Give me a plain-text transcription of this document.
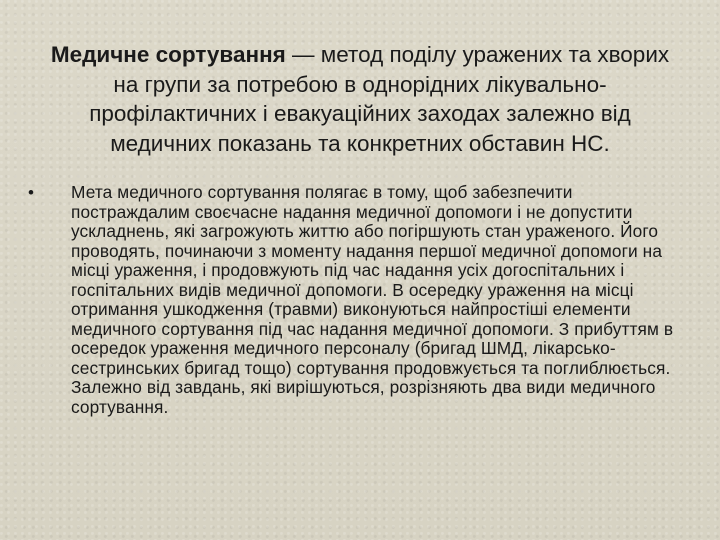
Медичне сортування — метод поділу уражених та хворих на групи за потребою в однорідних лікувально-профілактичних і евакуаційних заходах залежно від медичних показань та конкретних обставин НС.
• Мета медичного сортування полягає в тому, щоб забезпечити постраждалим своєчасне надання медичної допомоги і не допустити ускладнень, які загрожують життю або погіршують стан ураженого. Його проводять, починаючи з моменту надання першої медичної допомоги на місці ураження, і продовжують під час надання усіх догоспітальних і госпітальних видів медичної допомоги. В осередку ураження на місці отримання ушкодження (травми) виконуються найпростіші елементи медичного сортування під час надання медичної допомоги. З прибуттям в осередок ураження медичного персоналу (бригад ШМД, лікарсько-сестринських бригад тощо) сортування продовжується та поглиблюється. Залежно від завдань, які вирішуються, розрізняють два види медичного сортування.
